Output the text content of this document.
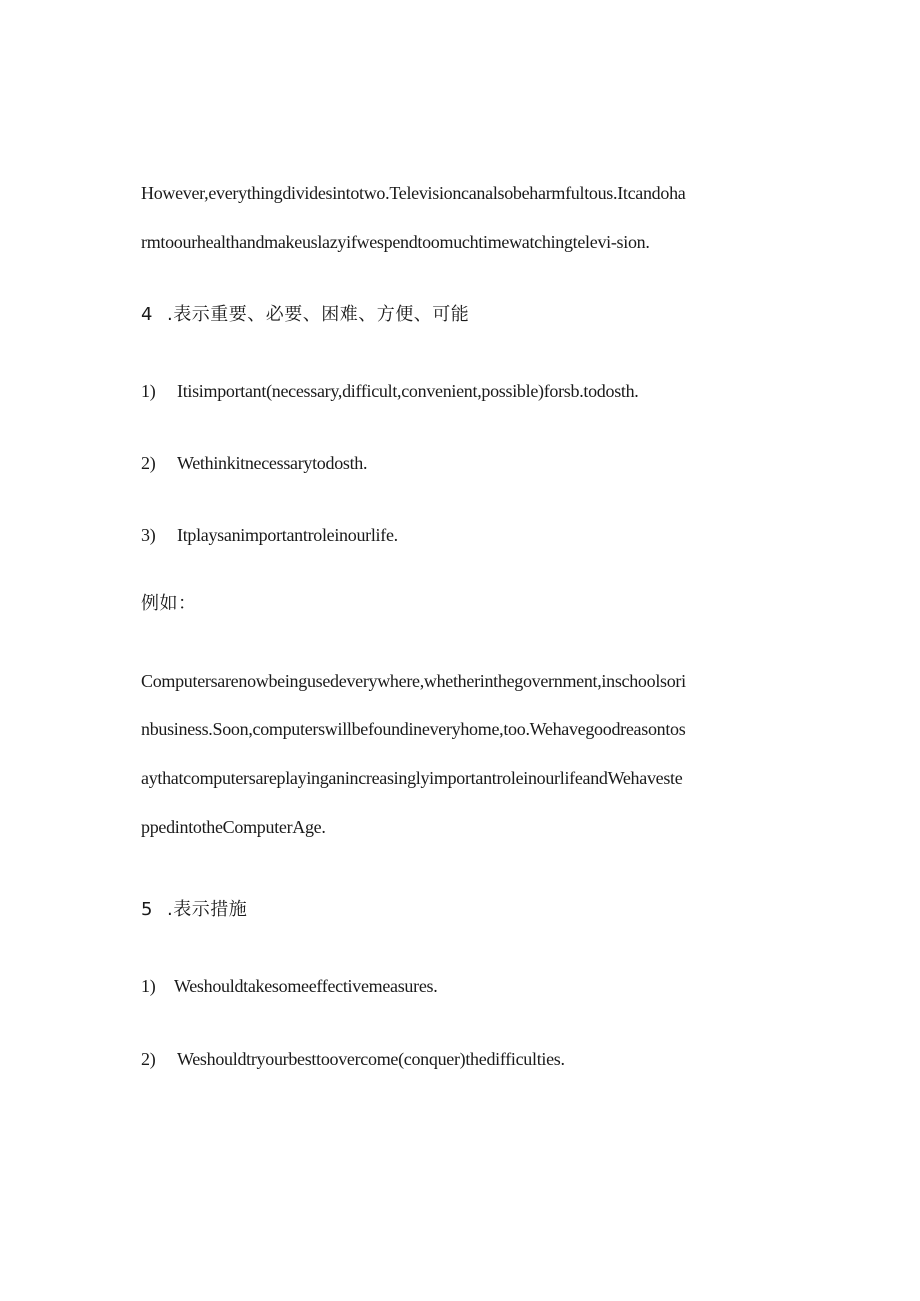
However,everythingdividesintotwo.Televisioncanalsobeharmfultous.Itcandoha
rmtoourhealthandmakeuslazyifwespendtoomuchtimewatchingtelevi-sion.
4 .表示重要、必要、困难、方便、可能
1) Itisimportant(necessary,difficult,convenient,possible)forsb.todosth.
2) Wethinkitnecessarytodosth.
3) Itplaysanimportantroleinourlife.
例如：
Computersarenowbeingusedeverywhere,whetherinthegovernment,inschoolsori
nbusiness.Soon,computerswillbefoundineveryhome,too.Wehavegoodreasontos
aythatcomputersareplayinganincreasinglyimportantroleinourlifeandWehaveste
ppedintotheComputerAge.
5 .表示措施
1) Weshouldtakesomeeffectivemeasures.
2) Weshouldtryourbesttoovercome(conquer)thedifficulties.
